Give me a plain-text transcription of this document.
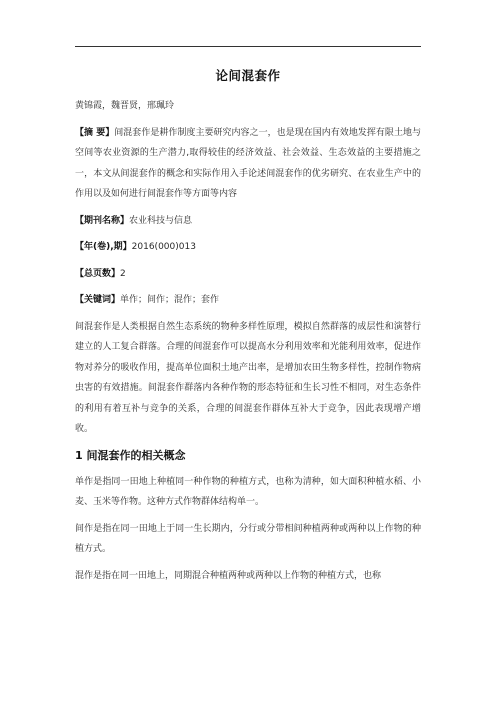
论间混套作

黄锦霞，魏晋贤，邢珮玲

【摘 要】间混套作是耕作制度主要研究内容之一，也是现在国内有效地发挥有限土地与空间等农业资源的生产潜力,取得较佳的经济效益、社会效益、生态效益的主要措施之一，本文从间混套作的概念和实际作用入手论述间混套作的优劣研究、在农业生产中的作用以及如何进行间混套作等方面等内容

【期刊名称】农业科技与信息

【年(卷),期】2016(000)013

【总页数】2

【关键词】单作；间作；混作；套作

间混套作是人类根据自然生态系统的物种多样性原理，模拟自然群落的成层性和演替行建立的人工复合群落。合理的间混套作可以提高水分利用效率和光能利用效率，促进作物对养分的吸收作用，提高单位面积土地产出率，是增加农田生物多样性，控制作物病虫害的有效措施。间混套作群落内各种作物的形态特征和生长习性不相同，对生态条件的利用有着互补与竞争的关系，合理的间混套作群体互补大于竞争，因此表现增产增收。

1 间混套作的相关概念

单作是指同一田地上种植同一种作物的种植方式，也称为清种，如大面积种植水稻、小麦、玉米等作物。这种方式作物群体结构单一。

间作是指在同一田地上于同一生长期内，分行或分带相间种植两种或两种以上作物的种植方式。

混作是指在同一田地上，同期混合种植两种或两种以上作物的种植方式，也称
